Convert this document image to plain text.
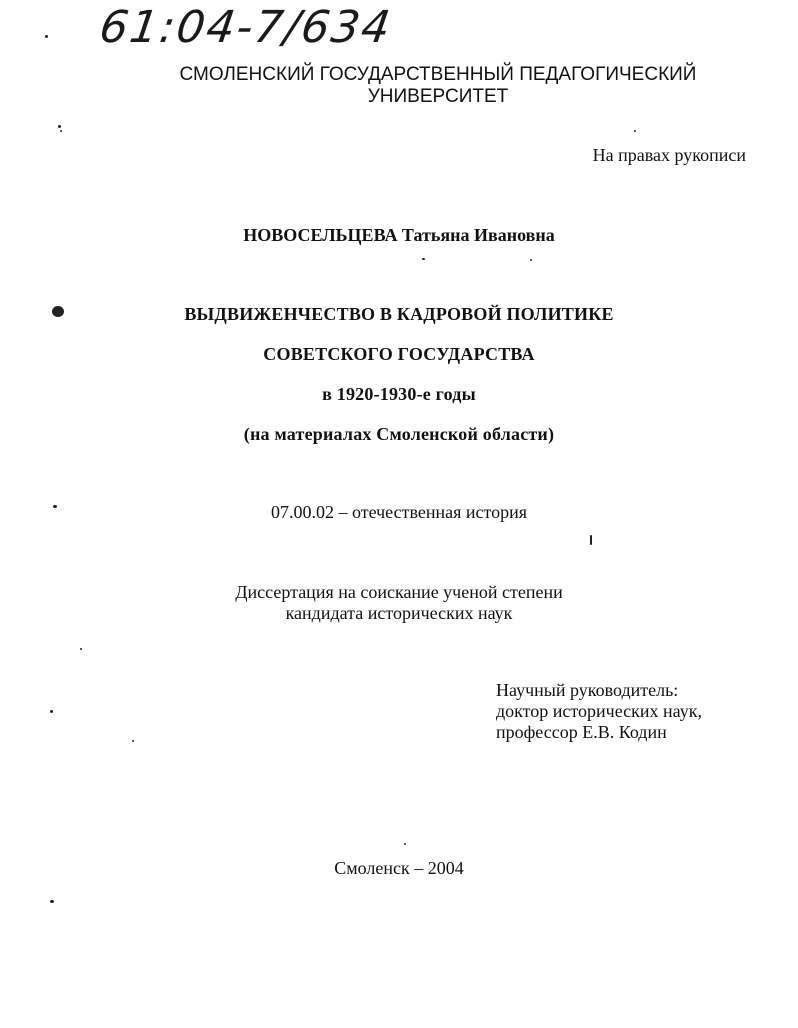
61:04-7/634
СМОЛЕНСКИЙ ГОСУДАРСТВЕННЫЙ ПЕДАГОГИЧЕСКИЙ
УНИВЕРСИТЕТ
На правах рукописи
НОВОСЕЛЬЦЕВА Татьяна Ивановна
ВЫДВИЖЕНЧЕСТВО В КАДРОВОЙ ПОЛИТИКЕ
СОВЕТСКОГО ГОСУДАРСТВА
в 1920-1930-е годы
(на материалах Смоленской области)
07.00.02 – отечественная история
Диссертация на соискание ученой степени
кандидата исторических наук
Научный руководитель:
доктор исторических наук,
профессор Е.В. Кодин
Смоленск – 2004
